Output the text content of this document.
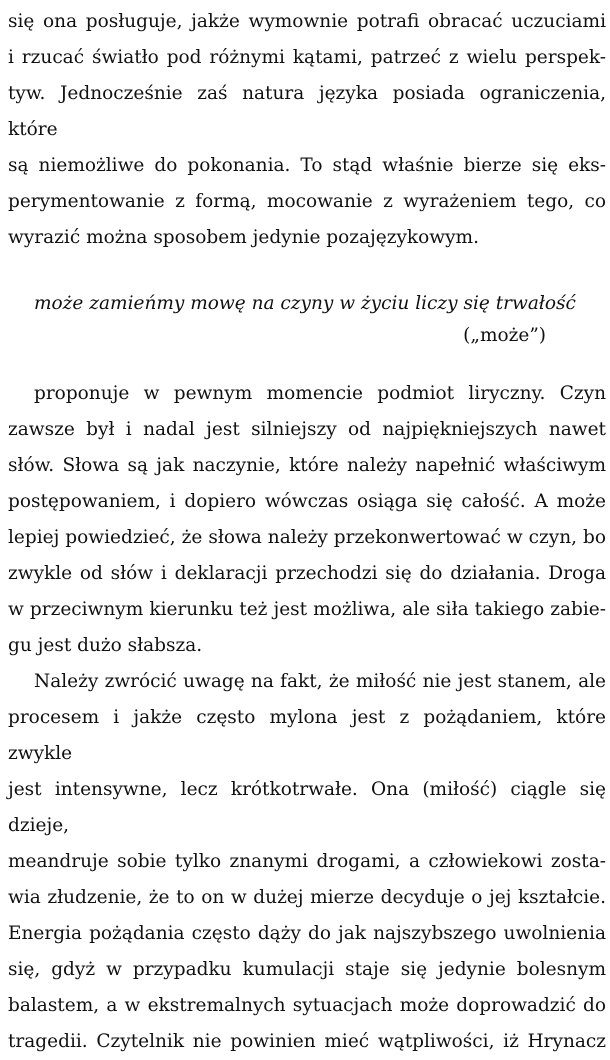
się ona posługuje, jakże wymownie potrafi obracać uczuciami
i rzucać światło pod różnymi kątami, patrzeć z wielu perspek-
tyw. Jednocześnie zaś natura języka posiada ograniczenia, które
są niemożliwe do pokonania. To stąd właśnie bierze się eks-
perymentowanie z formą, mocowanie z wyrażeniem tego, co
wyrazić można sposobem jedynie pozajęzykowym.

może zamieńmy mowę na czyny w życiu liczy się trwałość

(„może”)

proponuje w pewnym momencie podmiot liryczny. Czyn
zawsze był i nadal jest silniejszy od najpiękniejszych nawet
słów. Słowa są jak naczynie, które należy napełnić właściwym
postępowaniem, i dopiero wówczas osiąga się całość. A może
lepiej powiedzieć, że słowa należy przekonwertować w czyn, bo
zwykle od słów i deklaracji przechodzi się do działania. Droga
w przeciwnym kierunku też jest możliwa, ale siła takiego zabie-
gu jest dużo słabsza.

Należy zwrócić uwagę na fakt, że miłość nie jest stanem, ale
procesem i jakże często mylona jest z pożądaniem, które zwykle
jest intensywne, lecz krótkotrwałe. Ona (miłość) ciągle się dzieje,
meandruje sobie tylko znanymi drogami, a człowiekowi zosta-
wia złudzenie, że to on w dużej mierze decyduje o jej kształcie.
Energia pożądania często dąży do jak najszybszego uwolnienia
się, gdyż w przypadku kumulacji staje się jedynie bolesnym
balastem, a w ekstremalnych sytuacjach może doprowadzić do
tragedii. Czytelnik nie powinien mieć wątpliwości, iż Hrynacz
